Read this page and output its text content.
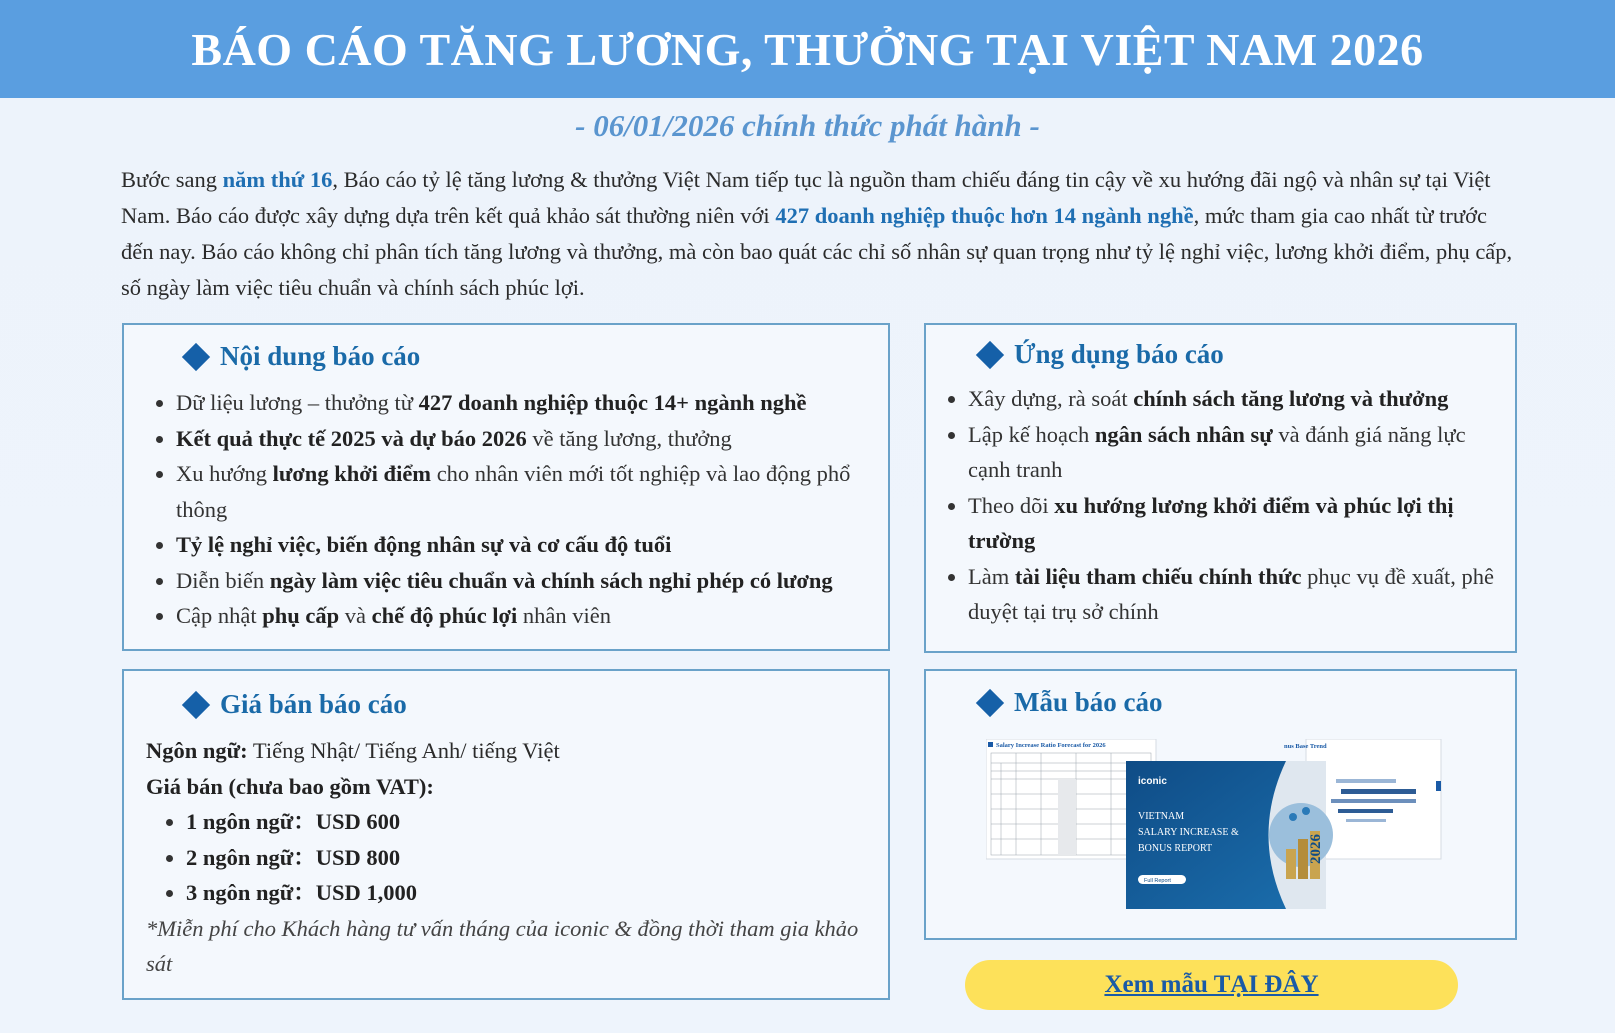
BÁO CÁO TĂNG LƯƠNG, THƯỞNG TẠI VIỆT NAM 2026
- 06/01/2026 chính thức phát hành -

Bước sang năm thứ 16, Báo cáo tỷ lệ tăng lương & thưởng Việt Nam tiếp tục là nguồn tham chiếu đáng tin cậy về xu hướng đãi ngộ và nhân sự tại Việt Nam. Báo cáo được xây dựng dựa trên kết quả khảo sát thường niên với 427 doanh nghiệp thuộc hơn 14 ngành nghề, mức tham gia cao nhất từ trước đến nay. Báo cáo không chỉ phân tích tăng lương và thưởng, mà còn bao quát các chỉ số nhân sự quan trọng như tỷ lệ nghỉ việc, lương khởi điểm, phụ cấp, số ngày làm việc tiêu chuẩn và chính sách phúc lợi.

Nội dung báo cáo
Dữ liệu lương – thưởng từ 427 doanh nghiệp thuộc 14+ ngành nghề
Kết quả thực tế 2025 và dự báo 2026 về tăng lương, thưởng
Xu hướng lương khởi điểm cho nhân viên mới tốt nghiệp và lao động phổ thông
Tỷ lệ nghỉ việc, biến động nhân sự và cơ cấu độ tuổi
Diễn biến ngày làm việc tiêu chuẩn và chính sách nghỉ phép có lương
Cập nhật phụ cấp và chế độ phúc lợi nhân viên
Ứng dụng báo cáo
Xây dựng, rà soát chính sách tăng lương và thưởng
Lập kế hoạch ngân sách nhân sự và đánh giá năng lực cạnh tranh
Theo dõi xu hướng lương khởi điểm và phúc lợi thị trường
Làm tài liệu tham chiếu chính thức phục vụ đề xuất, phê duyệt tại trụ sở chính
Giá bán báo cáo
Ngôn ngữ: Tiếng Nhật/ Tiếng Anh/ tiếng Việt
Giá bán (chưa bao gồm VAT):
1 ngôn ngữ：USD 600
2 ngôn ngữ：USD 800
3 ngôn ngữ：USD 1,000
*Miễn phí cho Khách hàng tư vấn tháng của iconic & đồng thời tham gia khảo sát
Mẫu báo cáo
Salary Increase Ratio Forecast for 2026	nus Base Trend
iconic
VIETNAM
SALARY INCREASE &
BONUS REPORT
Full Report
2026
Xem mẫu TẠI ĐÂY
